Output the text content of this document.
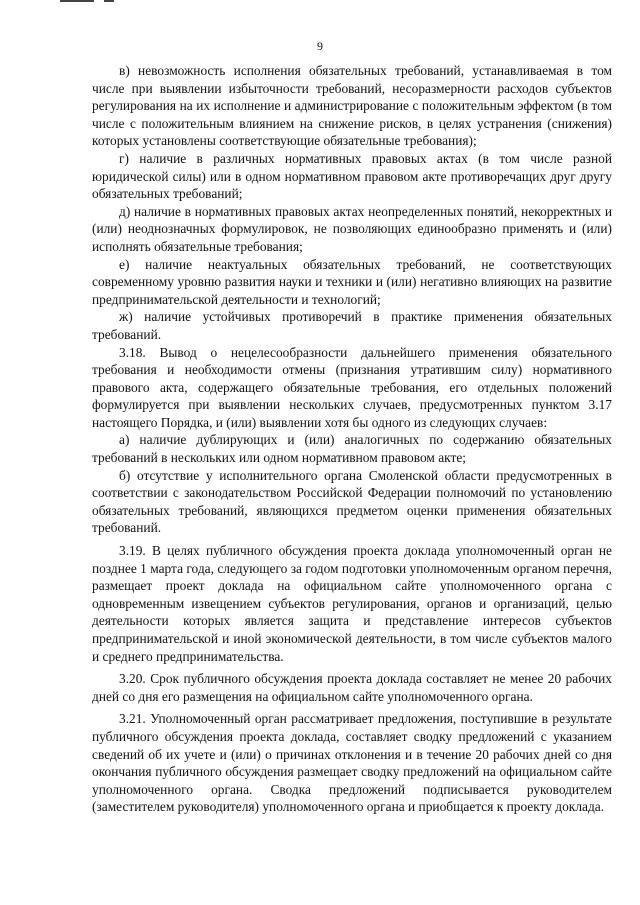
9

в) невозможность исполнения обязательных требований, устанавливаемая в том числе при выявлении избыточности требований, несоразмерности расходов субъектов регулирования на их исполнение и администрирование с положительным эффектом (в том числе с положительным влиянием на снижение рисков, в целях устранения (снижения) которых установлены соответствующие обязательные требования);

г) наличие в различных нормативных правовых актах (в том числе разной юридической силы) или в одном нормативном правовом акте противоречащих друг другу обязательных требований;

д) наличие в нормативных правовых актах неопределенных понятий, некорректных и (или) неоднозначных формулировок, не позволяющих единообразно применять и (или) исполнять обязательные требования;

е) наличие неактуальных обязательных требований, не соответствующих современному уровню развития науки и техники и (или) негативно влияющих на развитие предпринимательской деятельности и технологий;

ж) наличие устойчивых противоречий в практике применения обязательных требований.

3.18. Вывод о нецелесообразности дальнейшего применения обязательного требования и необходимости отмены (признания утратившим силу) нормативного правового акта, содержащего обязательные требования, его отдельных положений формулируется при выявлении нескольких случаев, предусмотренных пунктом 3.17 настоящего Порядка, и (или) выявлении хотя бы одного из следующих случаев:

а) наличие дублирующих и (или) аналогичных по содержанию обязательных требований в нескольких или одном нормативном правовом акте;

б) отсутствие у исполнительного органа Смоленской области предусмотренных в соответствии с законодательством Российской Федерации полномочий по установлению обязательных требований, являющихся предметом оценки применения обязательных требований.

3.19. В целях публичного обсуждения проекта доклада уполномоченный орган не позднее 1 марта года, следующего за годом подготовки уполномоченным органом перечня, размещает проект доклада на официальном сайте уполномоченного органа с одновременным извещением субъектов регулирования, органов и организаций, целью деятельности которых является защита и представление интересов субъектов предпринимательской и иной экономической деятельности, в том числе субъектов малого и среднего предпринимательства.

3.20. Срок публичного обсуждения проекта доклада составляет не менее 20 рабочих дней со дня его размещения на официальном сайте уполномоченного органа.

3.21. Уполномоченный орган рассматривает предложения, поступившие в результате публичного обсуждения проекта доклада, составляет сводку предложений с указанием сведений об их учете и (или) о причинах отклонения и в течение 20 рабочих дней со дня окончания публичного обсуждения размещает сводку предложений на официальном сайте уполномоченного органа. Сводка предложений подписывается руководителем (заместителем руководителя) уполномоченного органа и приобщается к проекту доклада.
